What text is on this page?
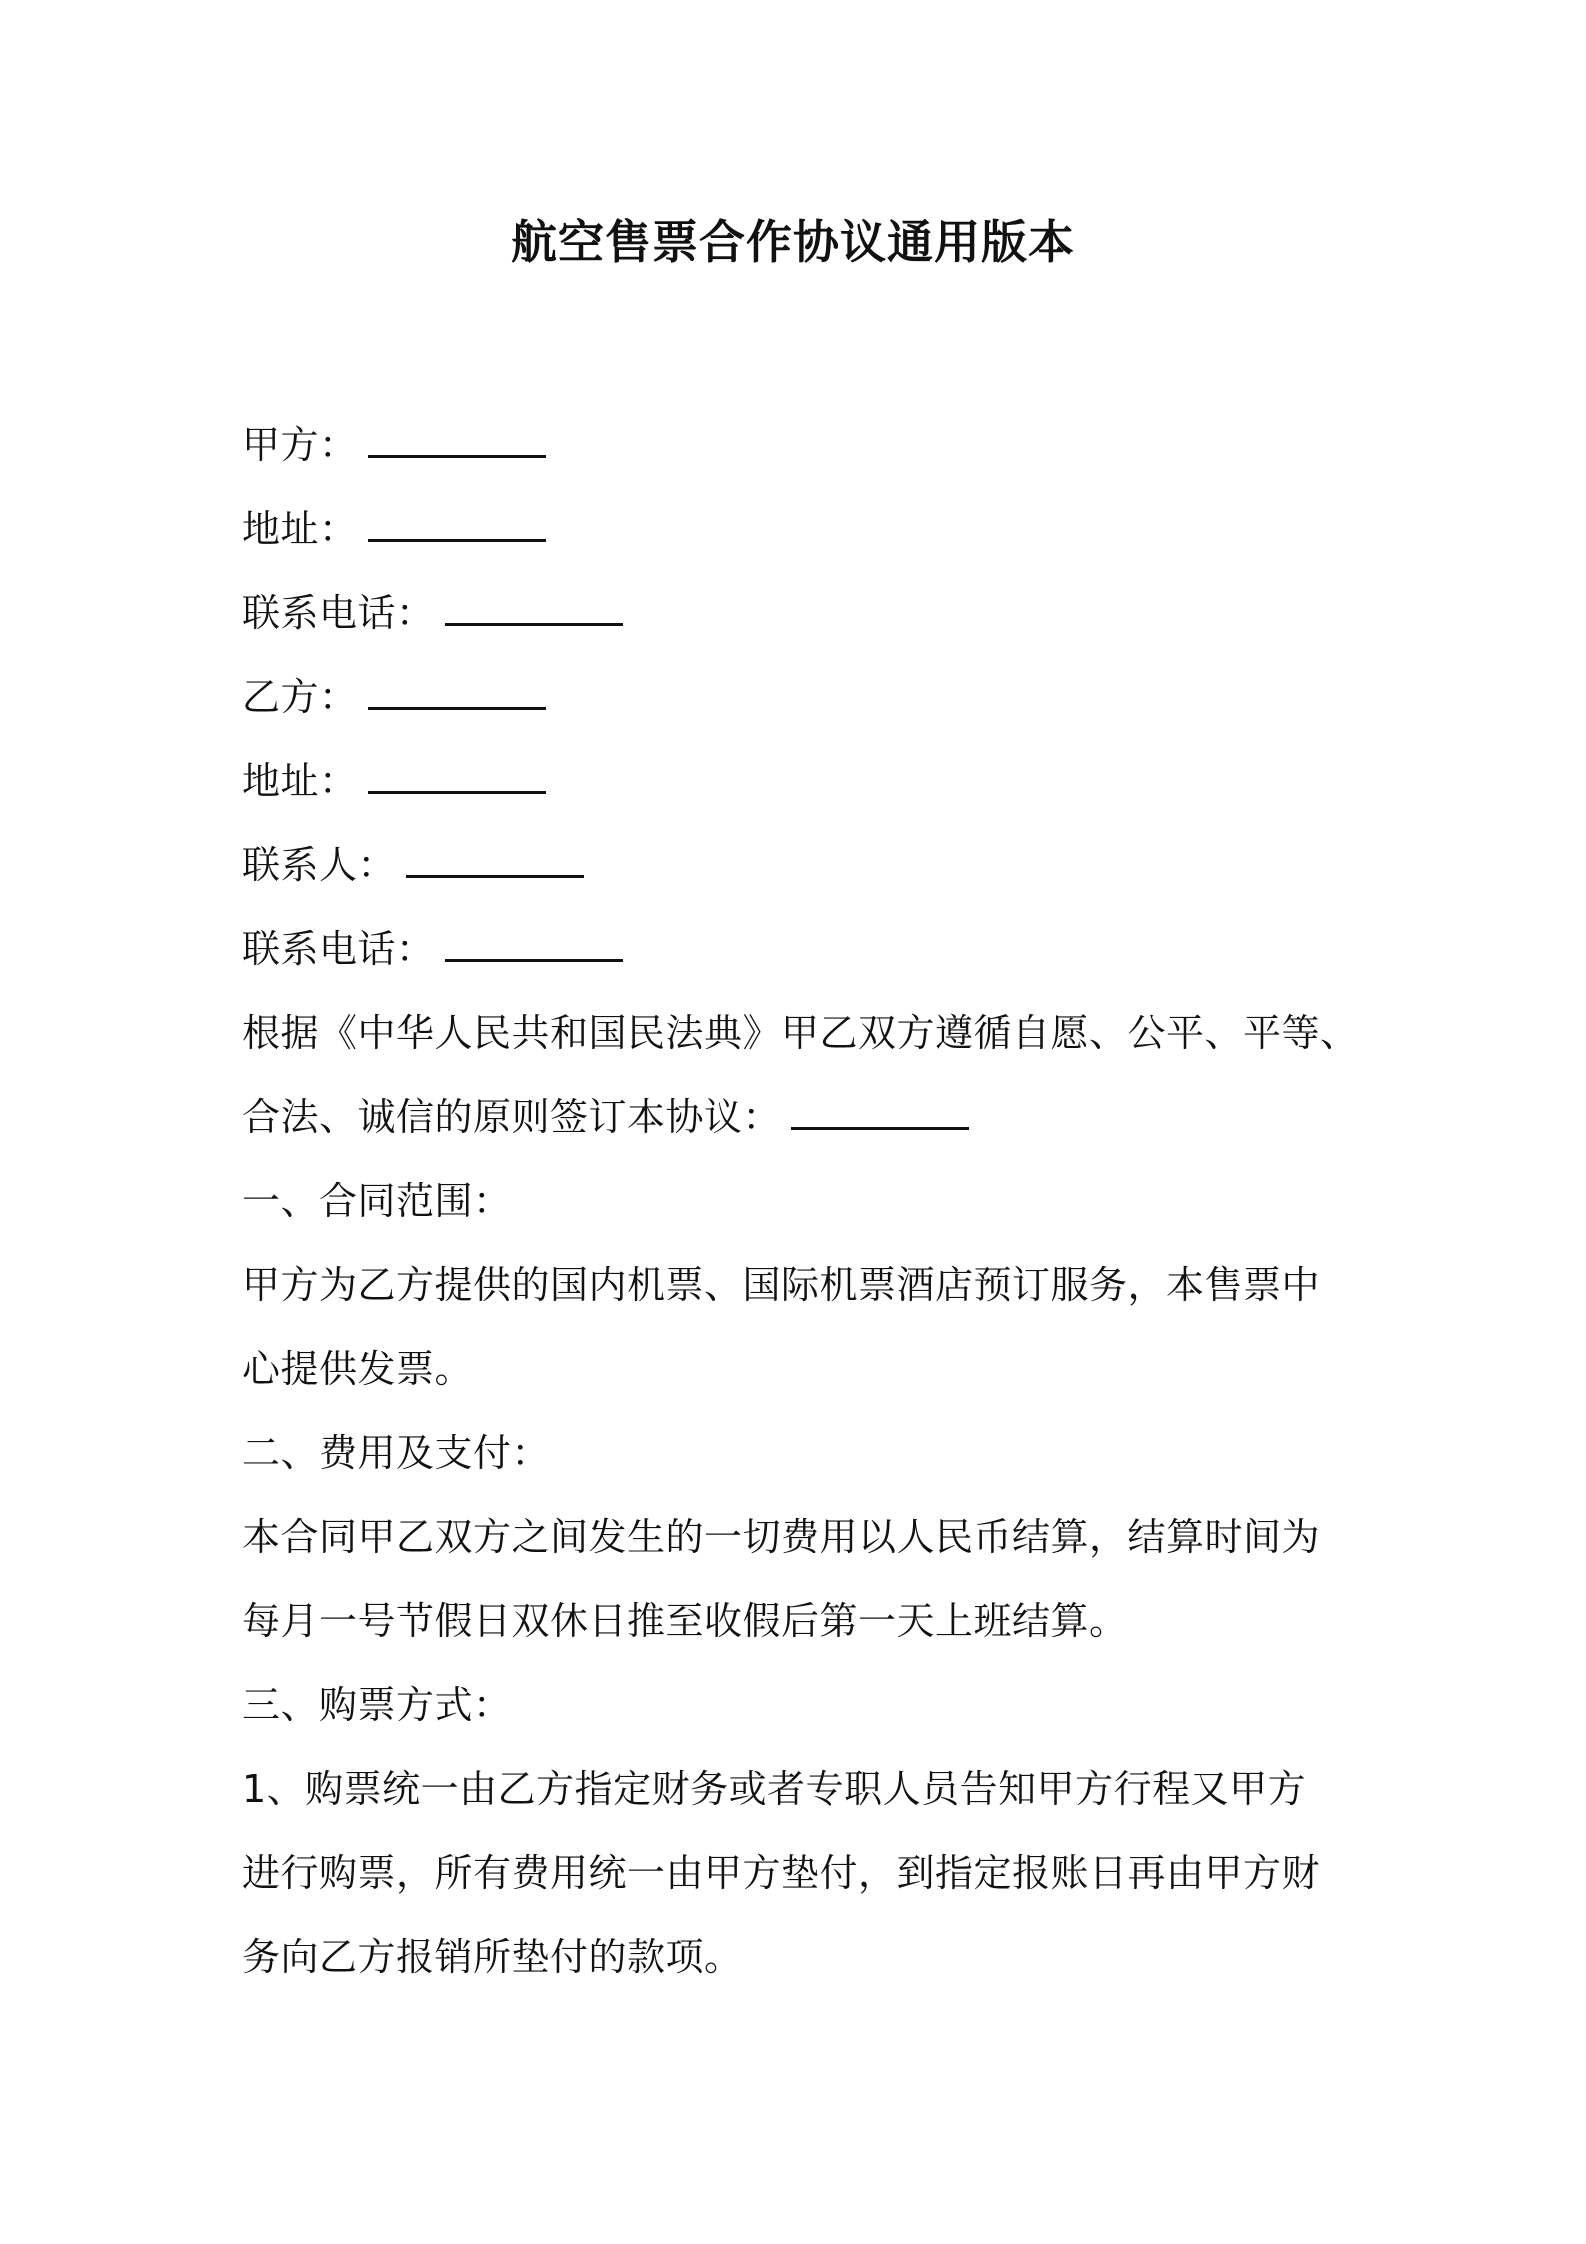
航空售票合作协议通用版本
甲方：
地址：
联系电话：
乙方：
地址：
联系人：
联系电话：
根据《中华人民共和国民法典》甲乙双方遵循自愿、公平、平等、
合法、诚信的原则签订本协议：
一、合同范围：
甲方为乙方提供的国内机票、国际机票酒店预订服务，本售票中
心提供发票。
二、费用及支付：
本合同甲乙双方之间发生的一切费用以人民币结算，结算时间为
每月一号节假日双休日推至收假后第一天上班结算。
三、购票方式：
1、购票统一由乙方指定财务或者专职人员告知甲方行程又甲方
进行购票，所有费用统一由甲方垫付，到指定报账日再由甲方财
务向乙方报销所垫付的款项。
